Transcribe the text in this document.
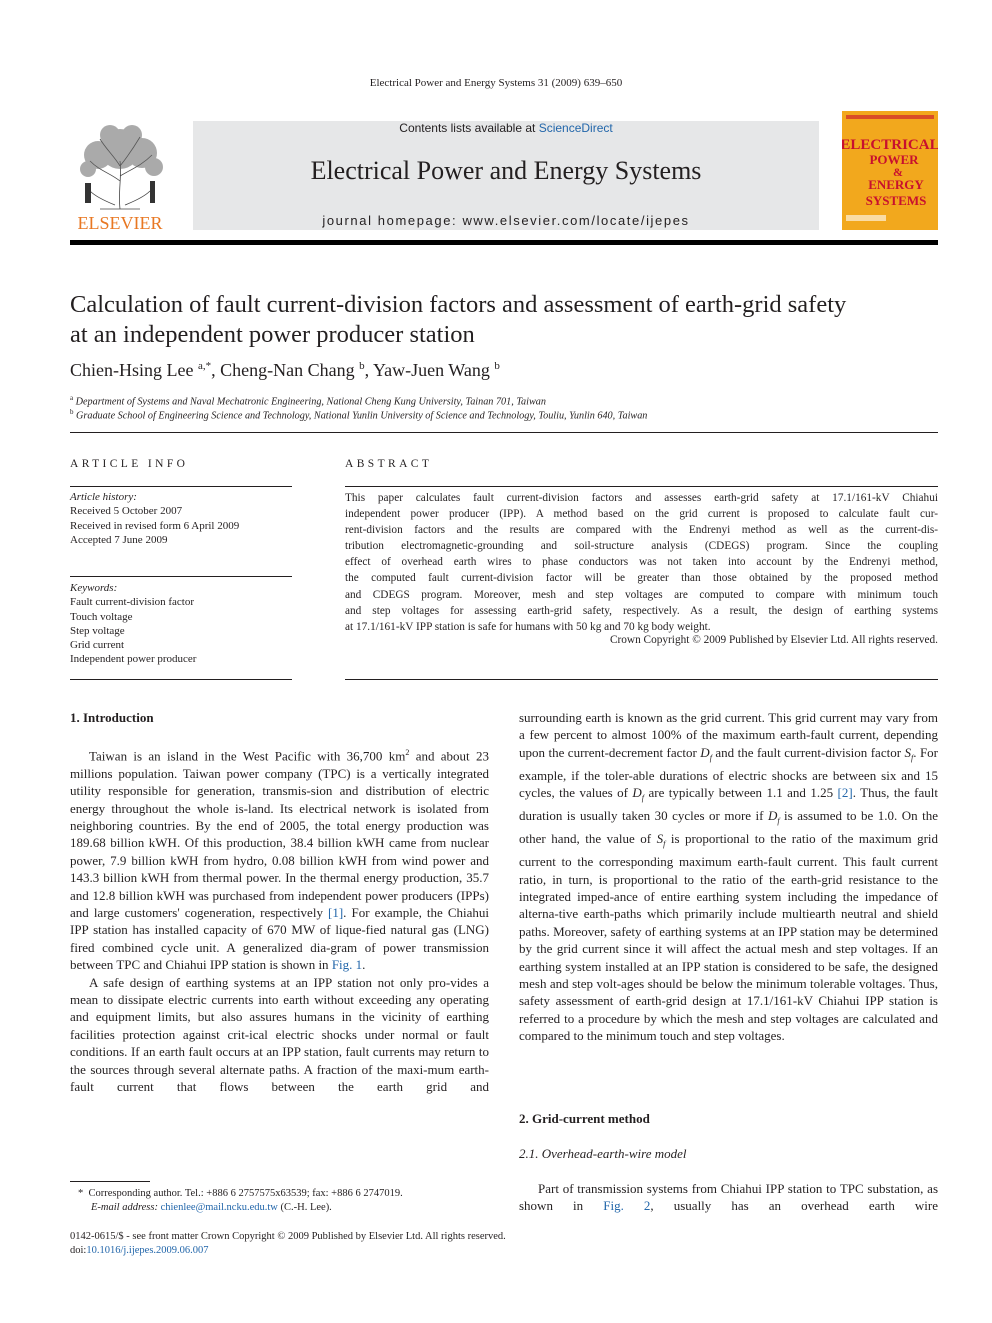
Electrical Power and Energy Systems 31 (2009) 639–650
ELSEVIER
Contents lists available at ScienceDirect
Electrical Power and Energy Systems
journal homepage: www.elsevier.com/locate/ijepes
ELECTRICAL
POWER
&
ENERGY
SYSTEMS
Calculation of fault current-division factors and assessment of earth-grid safety
at an independent power producer station
Chien-Hsing Lee $^{a,*}$, Cheng-Nan Chang $^b$, Yaw-Juen Wang $^b$
$^a$ Department of Systems and Naval Mechatronic Engineering, National Cheng Kung University, Tainan 701, Taiwan
$^b$ Graduate School of Engineering Science and Technology, National Yunlin University of Science and Technology, Touliu, Yunlin 640, Taiwan
ARTICLE INFO
Article history:
Received 5 October 2007
Received in revised form 6 April 2009
Accepted 7 June 2009
Keywords:
Fault current-division factor
Touch voltage
Step voltage
Grid current
Independent power producer
ABSTRACT
This paper calculates fault current-division factors and assesses earth-grid safety at 17.1/161-kV Chiahui
independent power producer (IPP). A method based on the grid current is proposed to calculate fault cur-
rent-division factors and the results are compared with the Endrenyi method as well as the current-dis-
tribution electromagnetic-grounding and soil-structure analysis (CDEGS) program. Since the coupling
effect of overhead earth wires to phase conductors was not taken into account by the Endrenyi method,
the computed fault current-division factor will be greater than those obtained by the proposed method
and CDEGS program. Moreover, mesh and step voltages are computed to compare with minimum touch
and step voltages for assessing earth-grid safety, respectively. As a result, the design of earthing systems
at 17.1/161-kV IPP station is safe for humans with 50 kg and 70 kg body weight.
Crown Copyright © 2009 Published by Elsevier Ltd. All rights reserved.
1. Introduction

Taiwan is an island in the West Pacific with 36,700 $km^2$ and about 23 millions population. Taiwan power company (TPC) is a vertically integrated utility responsible for generation, transmis-sion and distribution of electric energy throughout the whole is-land. Its electrical network is isolated from neighboring countries. By the end of 2005, the total energy production was 189.68 billion kWH. Of this production, 38.4 billion kWH came from nuclear power, 7.9 billion kWH from hydro, 0.08 billion kWH from wind power and 143.3 billion kWH from thermal power. In the thermal energy production, 35.7 and 12.8 billion kWH was purchased from independent power producers (IPPs) and large customers' cogeneration, respectively [1]. For example, the Chiahui IPP station has installed capacity of 670 MW of lique-fied natural gas (LNG) fired combined cycle unit. A generalized dia-gram of power transmission between TPC and Chiahui IPP station is shown in Fig. 1.

A safe design of earthing systems at an IPP station not only pro-vides a mean to dissipate electric currents into earth without exceeding any operating and equipment limits, but also assures humans in the vicinity of earthing facilities protection against crit-ical electric shocks under normal or fault conditions. If an earth fault occurs at an IPP station, fault currents may return to the sources through several alternate paths. A fraction of the maxi-mum earth-fault current that flows between the earth grid and

surrounding earth is known as the grid current. This grid current may vary from a few percent to almost 100% of the maximum earth-fault current, depending upon the current-decrement factor $D_f$ and the fault current-division factor $S_f$. For example, if the toler-able durations of electric shocks are between six and 15 cycles, the values of $D_f$ are typically between 1.1 and 1.25 [2]. Thus, the fault duration is usually taken 30 cycles or more if $D_f$ is assumed to be 1.0. On the other hand, the value of $S_f$ is proportional to the ratio of the maximum grid current to the corresponding maximum earth-fault current. This fault current ratio, in turn, is proportional to the ratio of the earth-grid resistance to the integrated imped-ance of entire earthing system including the impedance of alterna-tive earth-paths which primarily include multiearth neutral and shield paths. Moreover, safety of earthing systems at an IPP station may be determined by the grid current since it will affect the actual mesh and step voltages. If an earthing system installed at an IPP station is considered to be safe, the designed mesh and step volt-ages should be below the minimum tolerable voltages. Thus, safety assessment of earth-grid design at 17.1/161-kV Chiahui IPP station is referred to a procedure by which the mesh and step voltages are calculated and compared to the minimum touch and step voltages.

2. Grid-current method
2.1. Overhead-earth-wire model

Part of transmission systems from Chiahui IPP station to TPC substation, as shown in Fig. 2, usually has an overhead earth wire

* Corresponding author. Tel.: +886 6 2757575x63539; fax: +886 6 2747019.
E-mail address: chienlee@mail.ncku.edu.tw (C.-H. Lee).
0142-0615/$ - see front matter Crown Copyright © 2009 Published by Elsevier Ltd. All rights reserved.
doi:10.1016/j.ijepes.2009.06.007
